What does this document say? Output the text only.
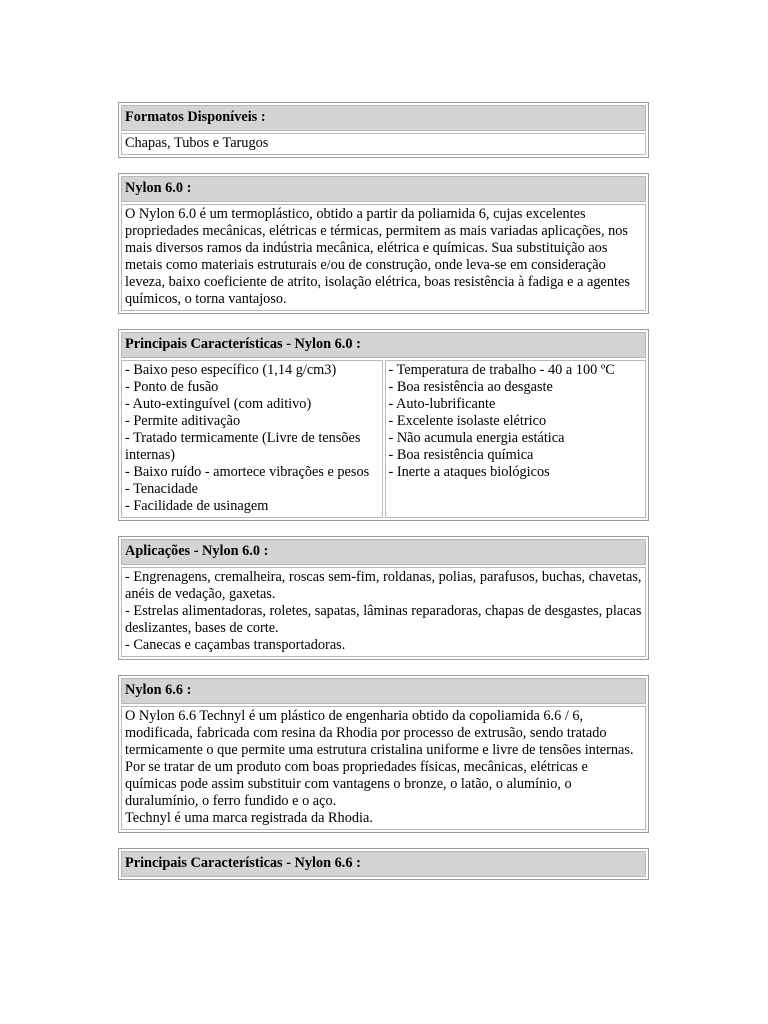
Formatos Disponíveis :
Chapas, Tubos e Tarugos
Nylon 6.0 :
O Nylon 6.0 é um termoplástico, obtido a partir da poliamida 6, cujas excelentes propriedades mecânicas, elétricas e térmicas, permitem as mais variadas aplicações, nos mais diversos ramos da indústria mecânica, elétrica e químicas. Sua substituição aos metais como materiais estruturais e/ou de construção, onde leva-se em consideração leveza, baixo coeficiente de atrito, isolação elétrica, boas resistência à fadiga e a agentes químicos, o torna vantajoso.
Principais Características - Nylon 6.0 :

- Baixo peso específico (1,14 g/cm3)
- Ponto de fusão
- Auto-extinguível (com aditivo)
- Permite aditivação
- Tratado termicamente (Livre de tensões internas)
- Baixo ruído - amortece vibrações e pesos
- Tenacidade
- Facilidade de usinagem

- Temperatura de trabalho - 40 a 100 ºC
- Boa resistência ao desgaste
- Auto-lubrificante
- Excelente isolaste elétrico
- Não acumula energia estática
- Boa resistência química
- Inerte a ataques biológicos
Aplicações - Nylon 6.0 :

- Engrenagens, cremalheira, roscas sem-fim, roldanas, polias, parafusos, buchas, chavetas, anéis de vedação, gaxetas.
- Estrelas alimentadoras, roletes, sapatas, lâminas reparadoras, chapas de desgastes, placas deslizantes, bases de corte.
- Canecas e caçambas transportadoras.
Nylon 6.6 :

O Nylon 6.6 Technyl é um plástico de engenharia obtido da copoliamida 6.6 / 6, modificada, fabricada com resina da Rhodia por processo de extrusão, sendo tratado termicamente o que permite uma estrutura cristalina uniforme e livre de tensões internas. Por se tratar de um produto com boas propriedades físicas, mecânicas, elétricas e químicas pode assim substituir com vantagens o bronze, o latão, o alumínio, o duralumínio, o ferro fundido e o aço.
Technyl é uma marca registrada da Rhodia.
Principais Características - Nylon 6.6 :
